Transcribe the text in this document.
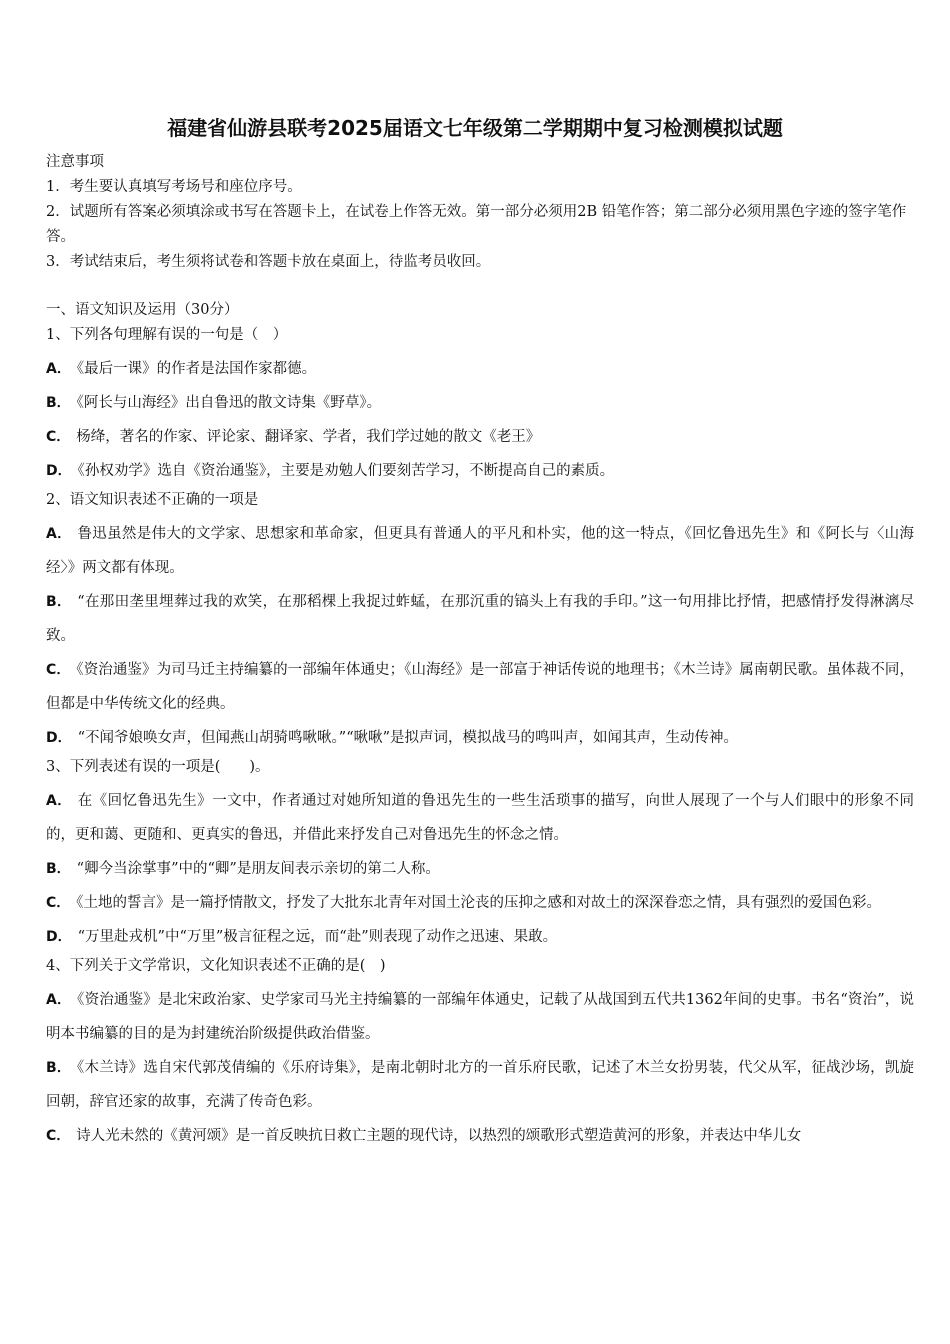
福建省仙游县联考2025届语文七年级第二学期期中复习检测模拟试题

注意事项

1．考生要认真填写考场号和座位序号。

2．试题所有答案必须填涂或书写在答题卡上，在试卷上作答无效。第一部分必须用2B 铅笔作答；第二部分必须用黑色字迹的签字笔作答。

3．考试结束后，考生须将试卷和答题卡放在桌面上，待监考员收回。

一、语文知识及运用（30分）

1、下列各句理解有误的一句是（　）

A． 《最后一课》的作者是法国作家都德。

B． 《阿长与山海经》出自鲁迅的散文诗集《野草》。

C． 杨绛，著名的作家、评论家、翻译家、学者，我们学过她的散文《老王》

D． 《孙权劝学》选自《资治通鉴》，主要是劝勉人们要刻苦学习，不断提高自己的素质。

2、语文知识表述不正确的一项是

A． 鲁迅虽然是伟大的文学家、思想家和革命家，但更具有普通人的平凡和朴实，他的这一特点，《回忆鲁迅先生》和《阿长与〈山海经〉》两文都有体现。

B． “在那田垄里埋葬过我的欢笑，在那稻棵上我捉过蚱蜢，在那沉重的镐头上有我的手印。”这一句用排比抒情，把感情抒发得淋漓尽致。

C． 《资治通鉴》为司马迁主持编纂的一部编年体通史；《山海经》是一部富于神话传说的地理书；《木兰诗》属南朝民歌。虽体裁不同，但都是中华传统文化的经典。

D． “不闻爷娘唤女声，但闻燕山胡骑鸣啾啾。”“啾啾”是拟声词，模拟战马的鸣叫声，如闻其声，生动传神。

3、下列表述有误的一项是(　　)。

A． 在《回忆鲁迅先生》一文中，作者通过对她所知道的鲁迅先生的一些生活琐事的描写，向世人展现了一个与人们眼中的形象不同的，更和蔼、更随和、更真实的鲁迅，并借此来抒发自己对鲁迅先生的怀念之情。

B． “卿今当涂掌事”中的“卿”是朋友间表示亲切的第二人称。

C． 《土地的誓言》是一篇抒情散文，抒发了大批东北青年对国土沦丧的压抑之感和对故土的深深眷恋之情，具有强烈的爱国色彩。

D． “万里赴戎机”中“万里”极言征程之远，而“赴”则表现了动作之迅速、果敢。

4、下列关于文学常识，文化知识表述不正确的是(　)

A． 《资治通鉴》是北宋政治家、史学家司马光主持编纂的一部编年体通史，记载了从战国到五代共1362年间的史事。书名“资治”，说明本书编纂的目的是为封建统治阶级提供政治借鉴。

B． 《木兰诗》选自宋代郭茂倩编的《乐府诗集》，是南北朝时北方的一首乐府民歌，记述了木兰女扮男装，代父从军，征战沙场，凯旋回朝，辞官还家的故事，充满了传奇色彩。

C． 诗人光未然的《黄河颂》是一首反映抗日救亡主题的现代诗，以热烈的颂歌形式塑造黄河的形象，并表达中华儿女
